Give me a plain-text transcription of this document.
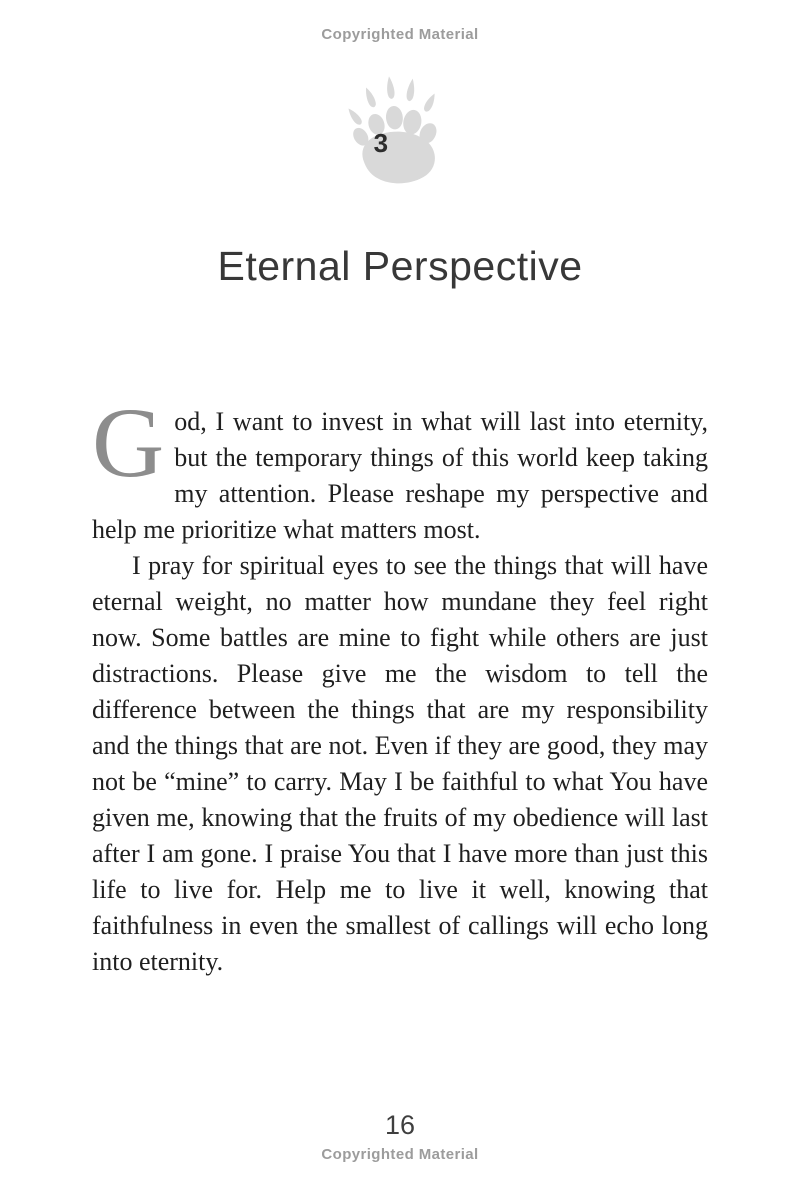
Copyrighted Material
3
Eternal Perspective

God, I want to invest in what will last into eternity, but the temporary things of this world keep taking my attention. Please reshape my perspective and help me prioritize what matters most.

I pray for spiritual eyes to see the things that will have eternal weight, no matter how mundane they feel right now. Some battles are mine to fight while others are just distractions. Please give me the wisdom to tell the difference between the things that are my responsibility and the things that are not. Even if they are good, they may not be “mine” to carry. May I be faithful to what You have given me, knowing that the fruits of my obedience will last after I am gone. I praise You that I have more than just this life to live for. Help me to live it well, knowing that faithfulness in even the smallest of callings will echo long into eternity.

16
Copyrighted Material
